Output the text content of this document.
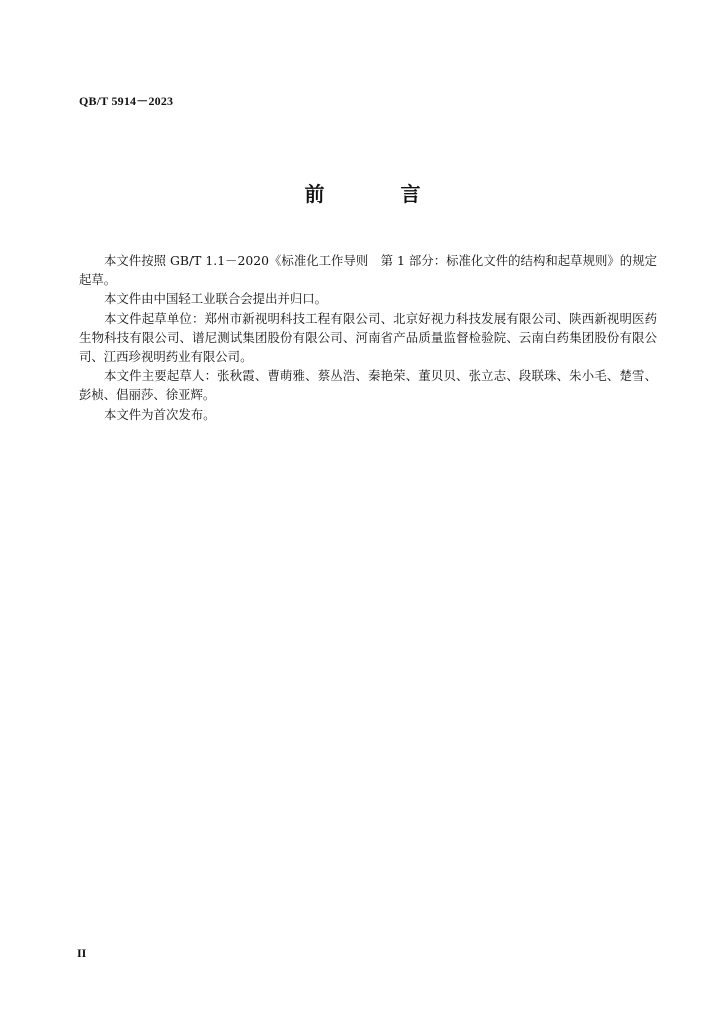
QB/T 5914－2023
前　言

本文件按照 GB/T 1.1－2020《标准化工作导则　第 1 部分：标准化文件的结构和起草规则》的规定起草。

本文件由中国轻工业联合会提出并归口。

本文件起草单位：郑州市新视明科技工程有限公司、北京好视力科技发展有限公司、陕西新视明医药生物科技有限公司、谱尼测试集团股份有限公司、河南省产品质量监督检验院、云南白药集团股份有限公司、江西珍视明药业有限公司。

本文件主要起草人：张秋霞、曹萌雅、蔡丛浩、秦艳荣、董贝贝、张立志、段联珠、朱小毛、楚雪、彭桢、倡丽莎、徐亚辉。

本文件为首次发布。

II
